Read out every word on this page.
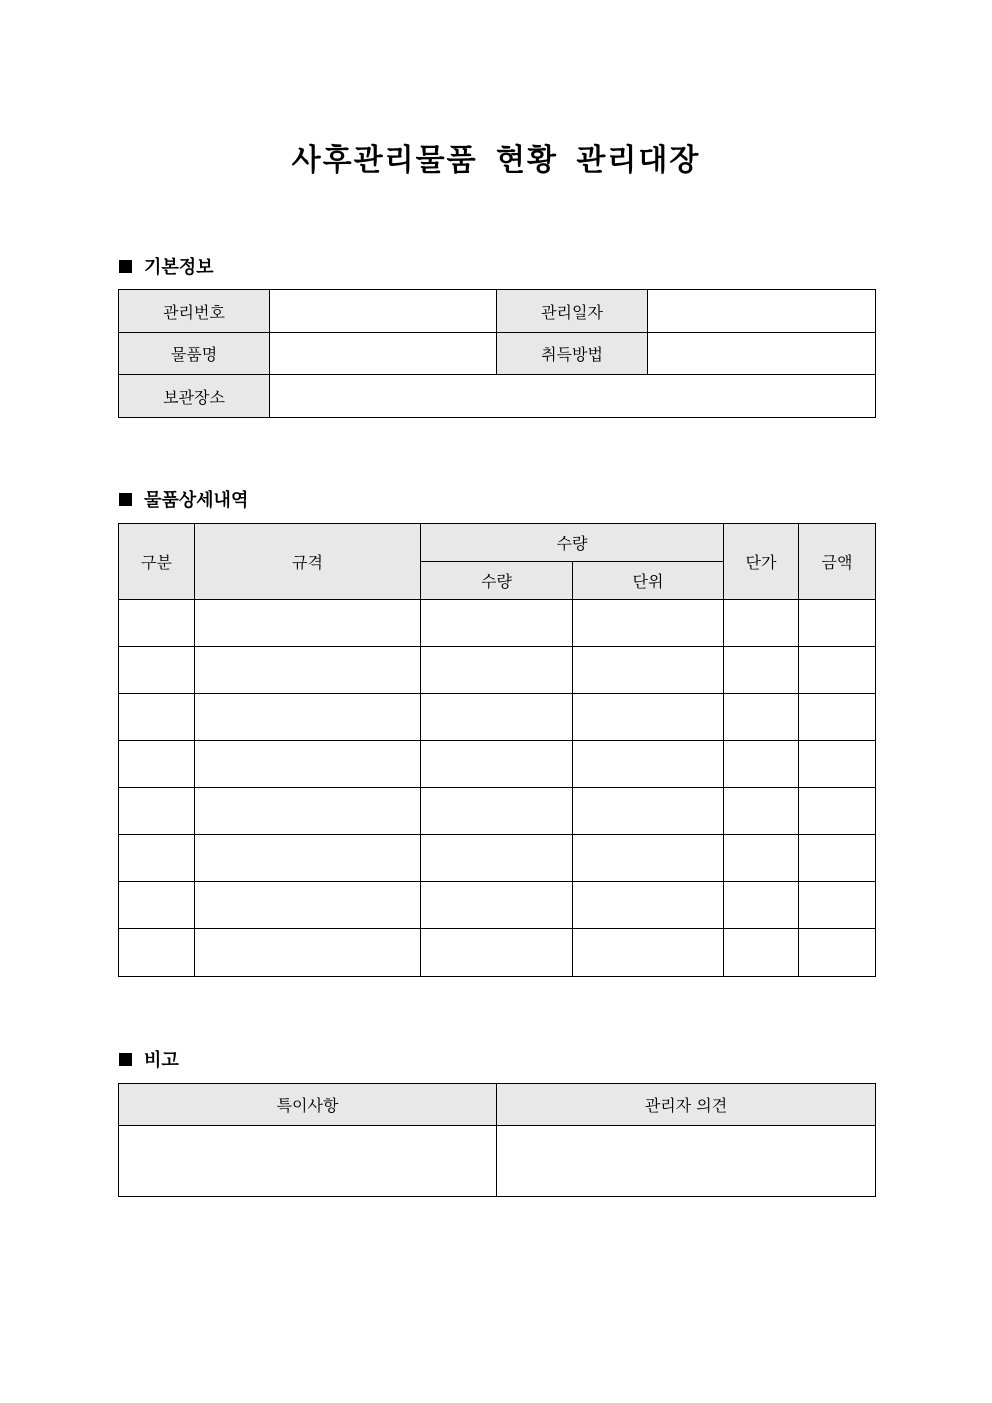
사후관리물품 현황 관리대장
기본정보
관리번호		관리일자	
물품명		취득방법	
보관장소			
물품상세내역
구분	규격	수량		단가	금액
		수량	단위		

비고
특이사항	관리자 의견
